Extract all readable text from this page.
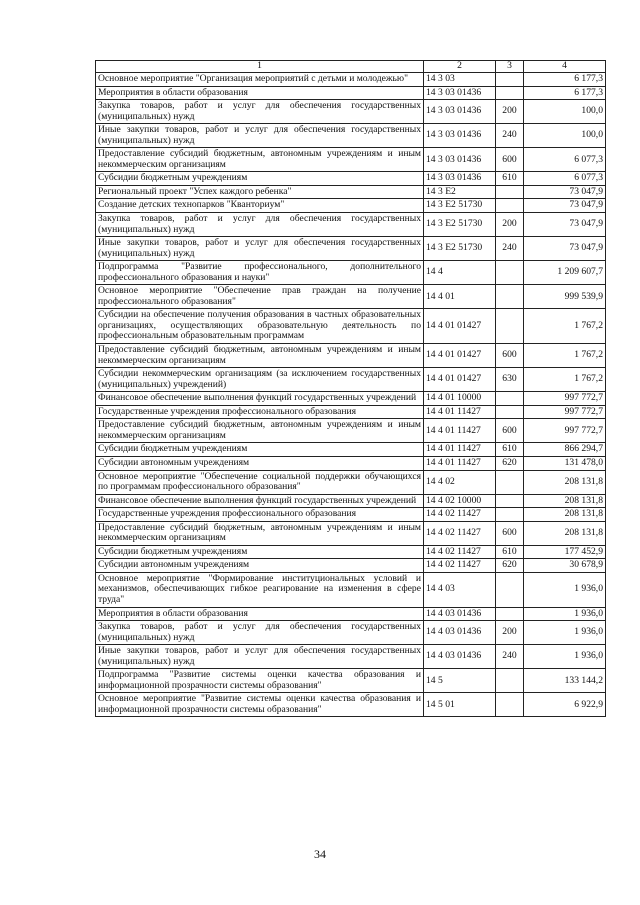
1	2	3	4
Основное мероприятие "Организация мероприятий с детьми и молодежью"	14 3 03		6 177,3
Мероприятия в области образования	14 3 03 01436		6 177,3
Закупка товаров, работ и услуг для обеспечения государственных (муниципальных) нужд	14 3 03 01436	200	100,0
Иные закупки товаров, работ и услуг для обеспечения государственных (муниципальных) нужд	14 3 03 01436	240	100,0
Предоставление субсидий бюджетным, автономным учреждениям и иным некоммерческим организациям	14 3 03 01436	600	6 077,3
Субсидии бюджетным учреждениям	14 3 03 01436	610	6 077,3
Региональный проект "Успех каждого ребенка"	14 3 E2		73 047,9
Создание детских технопарков "Кванториум"	14 3 E2 51730		73 047,9
Закупка товаров, работ и услуг для обеспечения государственных (муниципальных) нужд	14 3 E2 51730	200	73 047,9
Иные закупки товаров, работ и услуг для обеспечения государственных (муниципальных) нужд	14 3 E2 51730	240	73 047,9
Подпрограмма "Развитие профессионального, дополнительного профессионального образования и науки"	14 4		1 209 607,7
Основное мероприятие "Обеспечение прав граждан на получение профессионального образования"	14 4 01		999 539,9
Субсидии на обеспечение получения образования в частных образовательных организациях, осуществляющих образовательную деятельность по профессиональным образовательным программам	14 4 01 01427		1 767,2
Предоставление субсидий бюджетным, автономным учреждениям и иным некоммерческим организациям	14 4 01 01427	600	1 767,2
Субсидии некоммерческим организациям (за исключением государственных (муниципальных) учреждений)	14 4 01 01427	630	1 767,2
Финансовое обеспечение выполнения функций государственных учреждений	14 4 01 10000		997 772,7
Государственные учреждения профессионального образования	14 4 01 11427		997 772,7
Предоставление субсидий бюджетным, автономным учреждениям и иным некоммерческим организациям	14 4 01 11427	600	997 772,7
Субсидии бюджетным учреждениям	14 4 01 11427	610	866 294,7
Субсидии автономным учреждениям	14 4 01 11427	620	131 478,0
Основное мероприятие "Обеспечение социальной поддержки обучающихся по программам профессионального образования"	14 4 02		208 131,8
Финансовое обеспечение выполнения функций государственных учреждений	14 4 02 10000		208 131,8
Государственные учреждения профессионального образования	14 4 02 11427		208 131,8
Предоставление субсидий бюджетным, автономным учреждениям и иным некоммерческим организациям	14 4 02 11427	600	208 131,8
Субсидии бюджетным учреждениям	14 4 02 11427	610	177 452,9
Субсидии автономным учреждениям	14 4 02 11427	620	30 678,9
Основное мероприятие "Формирование институциональных условий и механизмов, обеспечивающих гибкое реагирование на изменения в сфере труда"	14 4 03		1 936,0
Мероприятия в области образования	14 4 03 01436		1 936,0
Закупка товаров, работ и услуг для обеспечения государственных (муниципальных) нужд	14 4 03 01436	200	1 936,0
Иные закупки товаров, работ и услуг для обеспечения государственных (муниципальных) нужд	14 4 03 01436	240	1 936,0
Подпрограмма "Развитие системы оценки качества образования и информационной прозрачности системы образования"	14 5		133 144,2
Основное мероприятие "Развитие системы оценки качества образования и информационной прозрачности системы образования"	14 5 01		6 922,9
34
